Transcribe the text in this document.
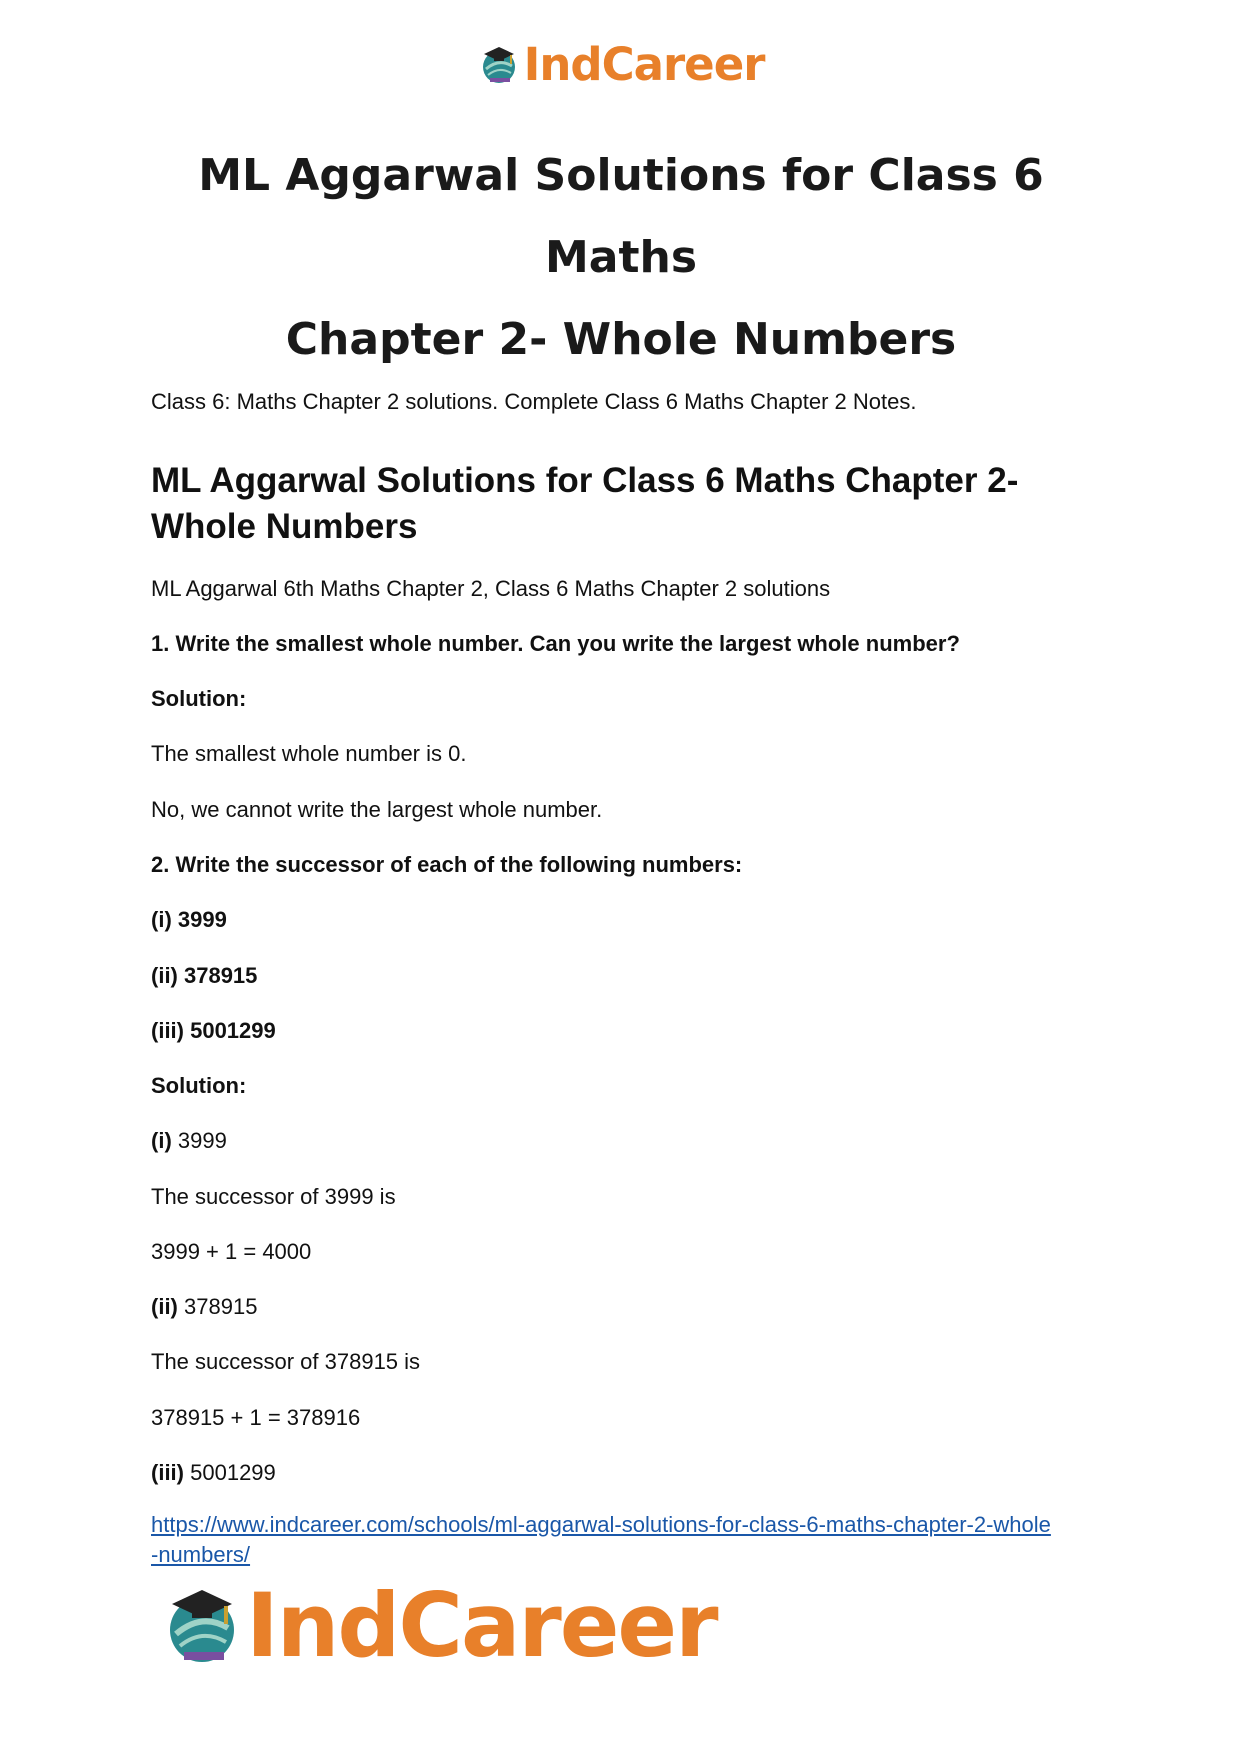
IndCareer
ML Aggarwal Solutions for Class 6 Maths
Chapter 2- Whole Numbers

Class 6: Maths Chapter 2 solutions. Complete Class 6 Maths Chapter 2 Notes.

ML Aggarwal Solutions for Class 6 Maths Chapter 2-
Whole Numbers

ML Aggarwal 6th Maths Chapter 2, Class 6 Maths Chapter 2 solutions

1. Write the smallest whole number. Can you write the largest whole number?

Solution:

The smallest whole number is 0.

No, we cannot write the largest whole number.

2. Write the successor of each of the following numbers:

(i) 3999

(ii) 378915

(iii) 5001299

Solution:

(i) 3999

The successor of 3999 is

3999 + 1 = 4000

(ii) 378915

The successor of 378915 is

378915 + 1 = 378916

(iii) 5001299

https://www.indcareer.com/schools/ml-aggarwal-solutions-for-class-6-maths-chapter-2-whole
-numbers/
IndCareer
